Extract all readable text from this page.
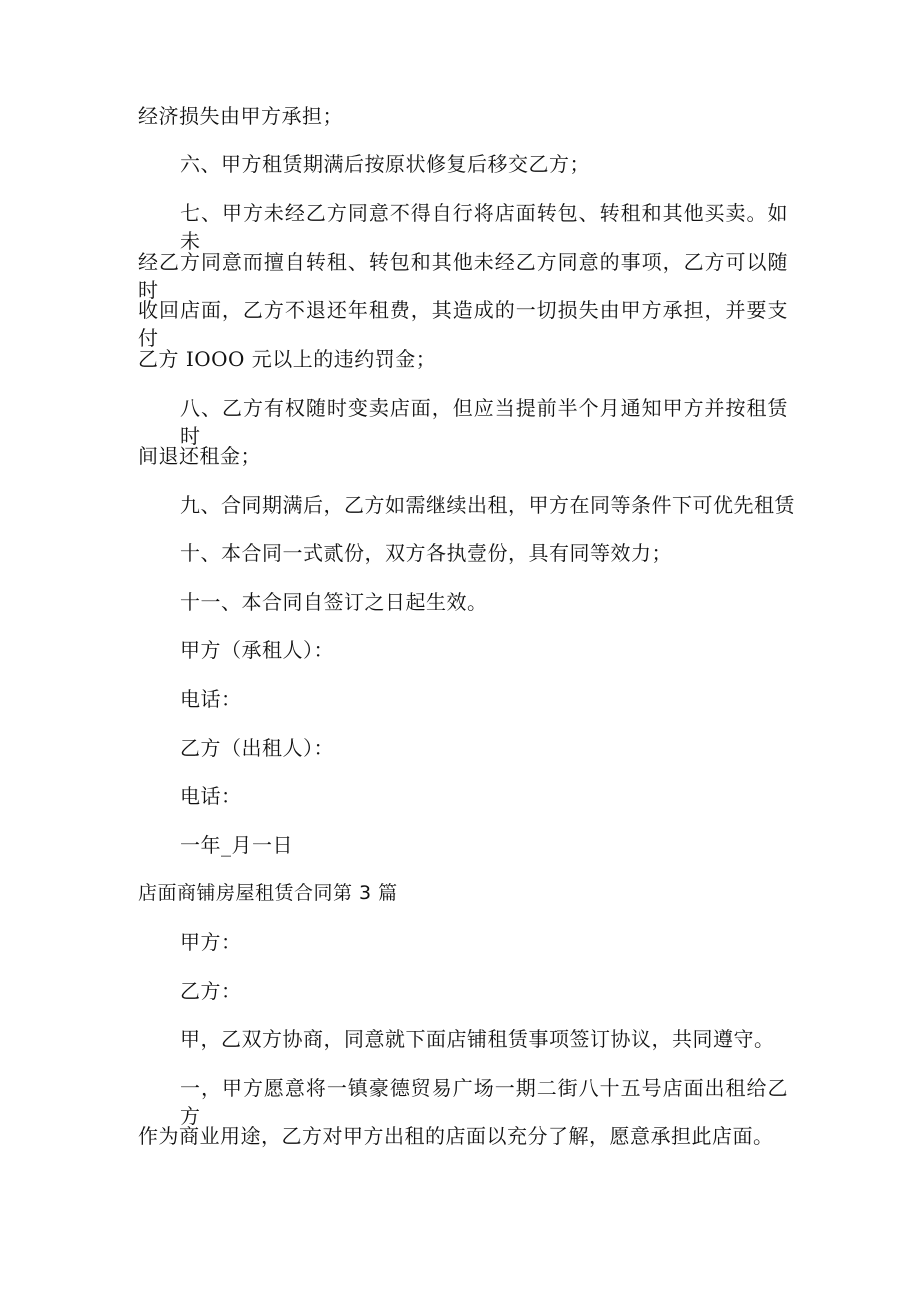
经济损失由甲方承担；
六、甲方租赁期满后按原状修复后移交乙方；
七、甲方未经乙方同意不得自行将店面转包、转租和其他买卖。如未
经乙方同意而擅自转租、转包和其他未经乙方同意的事项，乙方可以随时
收回店面，乙方不退还年租费，其造成的一切损失由甲方承担，并要支付
乙方 IOOO 元以上的违约罚金；
八、乙方有权随时变卖店面，但应当提前半个月通知甲方并按租赁时
间退还租金；
九、合同期满后，乙方如需继续出租，甲方在同等条件下可优先租赁
十、本合同一式贰份，双方各执壹份，具有同等效力；
十一、本合同自签订之日起生效。
甲方（承租人）：
电话：
乙方（出租人）：
电话：
一年_月一日
店面商铺房屋租赁合同第 3 篇
甲方：
乙方：
甲，乙双方协商，同意就下面店铺租赁事项签订协议，共同遵守。
一，甲方愿意将一镇豪德贸易广场一期二街八十五号店面出租给乙方
作为商业用途，乙方对甲方出租的店面以充分了解，愿意承担此店面。
